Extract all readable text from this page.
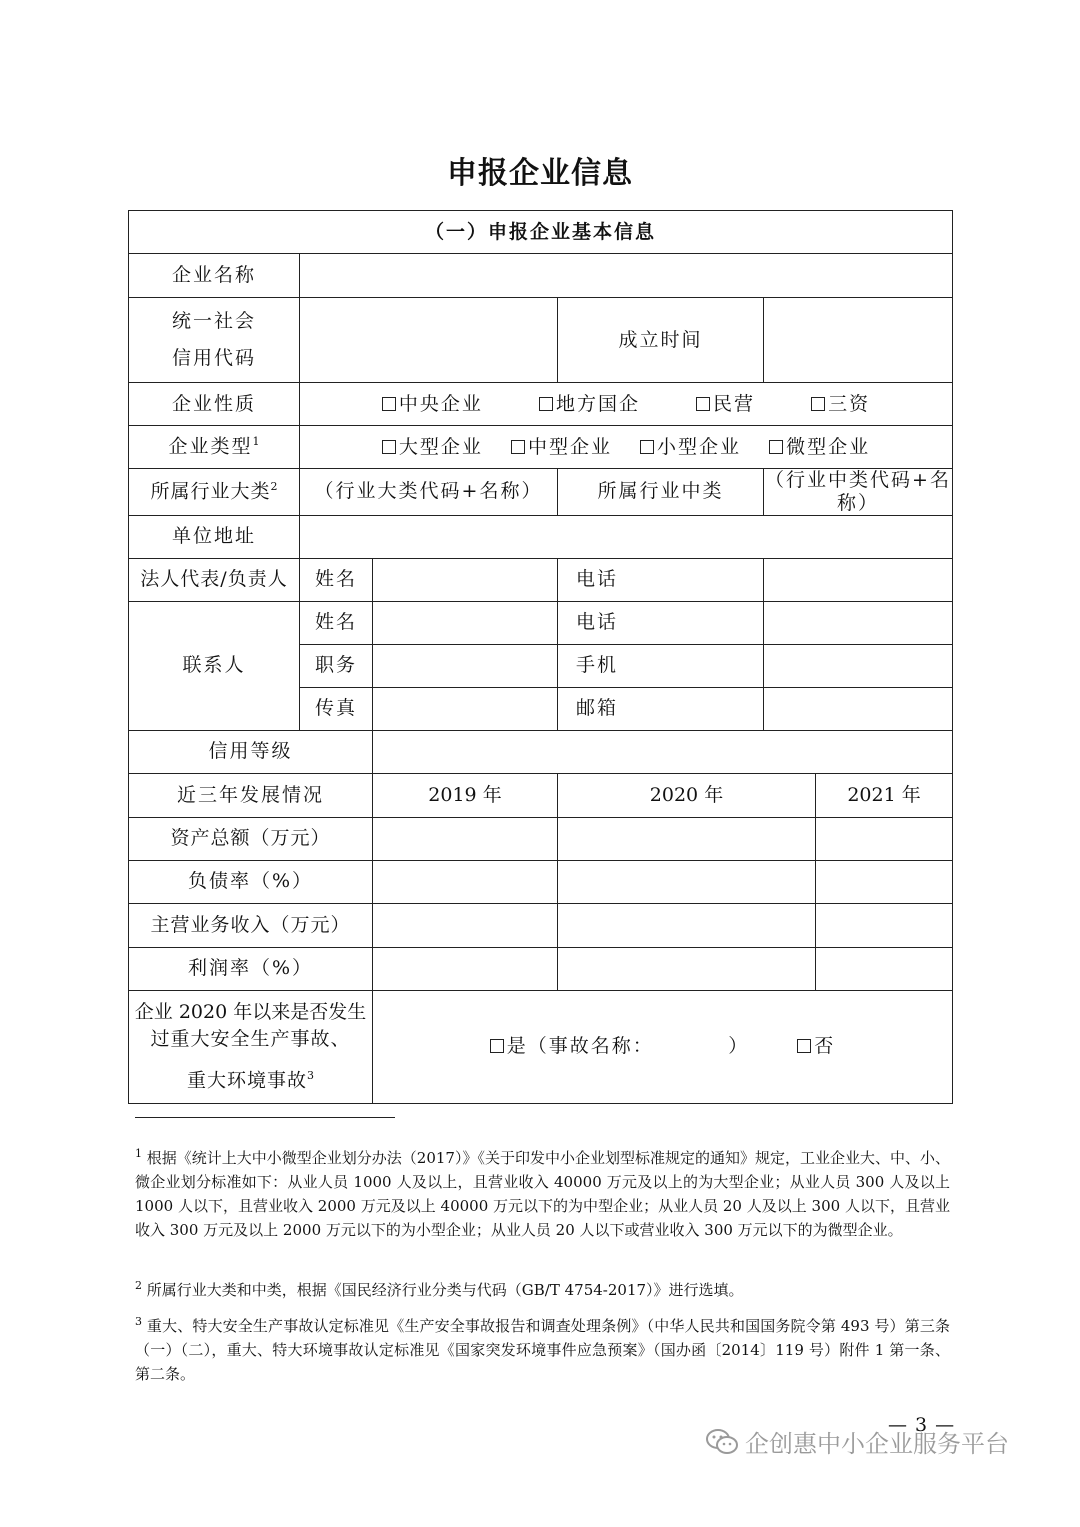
申报企业信息
（一）申报企业基本信息					
企业名称					

统一社会
信用代码			成立时间		
企业性质	中央企业 地方国企 民营 三资				
企业类型$^1$	大型企业 中型企业 小型企业 微型企业				
所属行业大类$^2$	（行业大类代码+名称）		所属行业中类	（行业中类代码+名称）	
单位地址					
法人代表/负责人	姓名		电话		
联系人	姓名		电话		
	职务		手机		
	传真		邮箱		
信用等级					
近三年发展情况		2019 年	2020 年		2021 年
资产总额（万元）					
负债率（%）					
主营业务收入（万元）					
利润率（%）					

企业 2020 年以来是否发生
过重大安全生产事故、
重大环境事故$^3$		是（事故名称：　　　　） 否			
$^1$ 根据《统计上大中小微型企业划分办法（2017）》《关于印发中小企业划型标准规定的通知》规定，工业企业大、中、小、微企业划分标准如下：从业人员 1000 人及以上，且营业收入 40000 万元及以上的为大型企业；从业人员 300 人及以上 1000 人以下，且营业收入 2000 万元及以上 40000 万元以下的为中型企业；从业人员 20 人及以上 300 人以下，且营业收入 300 万元及以上 2000 万元以下的为小型企业；从业人员 20 人以下或营业收入 300 万元以下的为微型企业。
$^2$ 所属行业大类和中类，根据《国民经济行业分类与代码（GB/T 4754-2017）》进行选填。
$^3$ 重大、特大安全生产事故认定标准见《生产安全事故报告和调查处理条例》（中华人民共和国国务院令第 493 号）第三条（一）（二），重大、特大环境事故认定标准见《国家突发环境事件应急预案》（国办函〔2014〕119 号）附件 1 第一条、第二条。
— 3 —
企创惠中小企业服务平台
